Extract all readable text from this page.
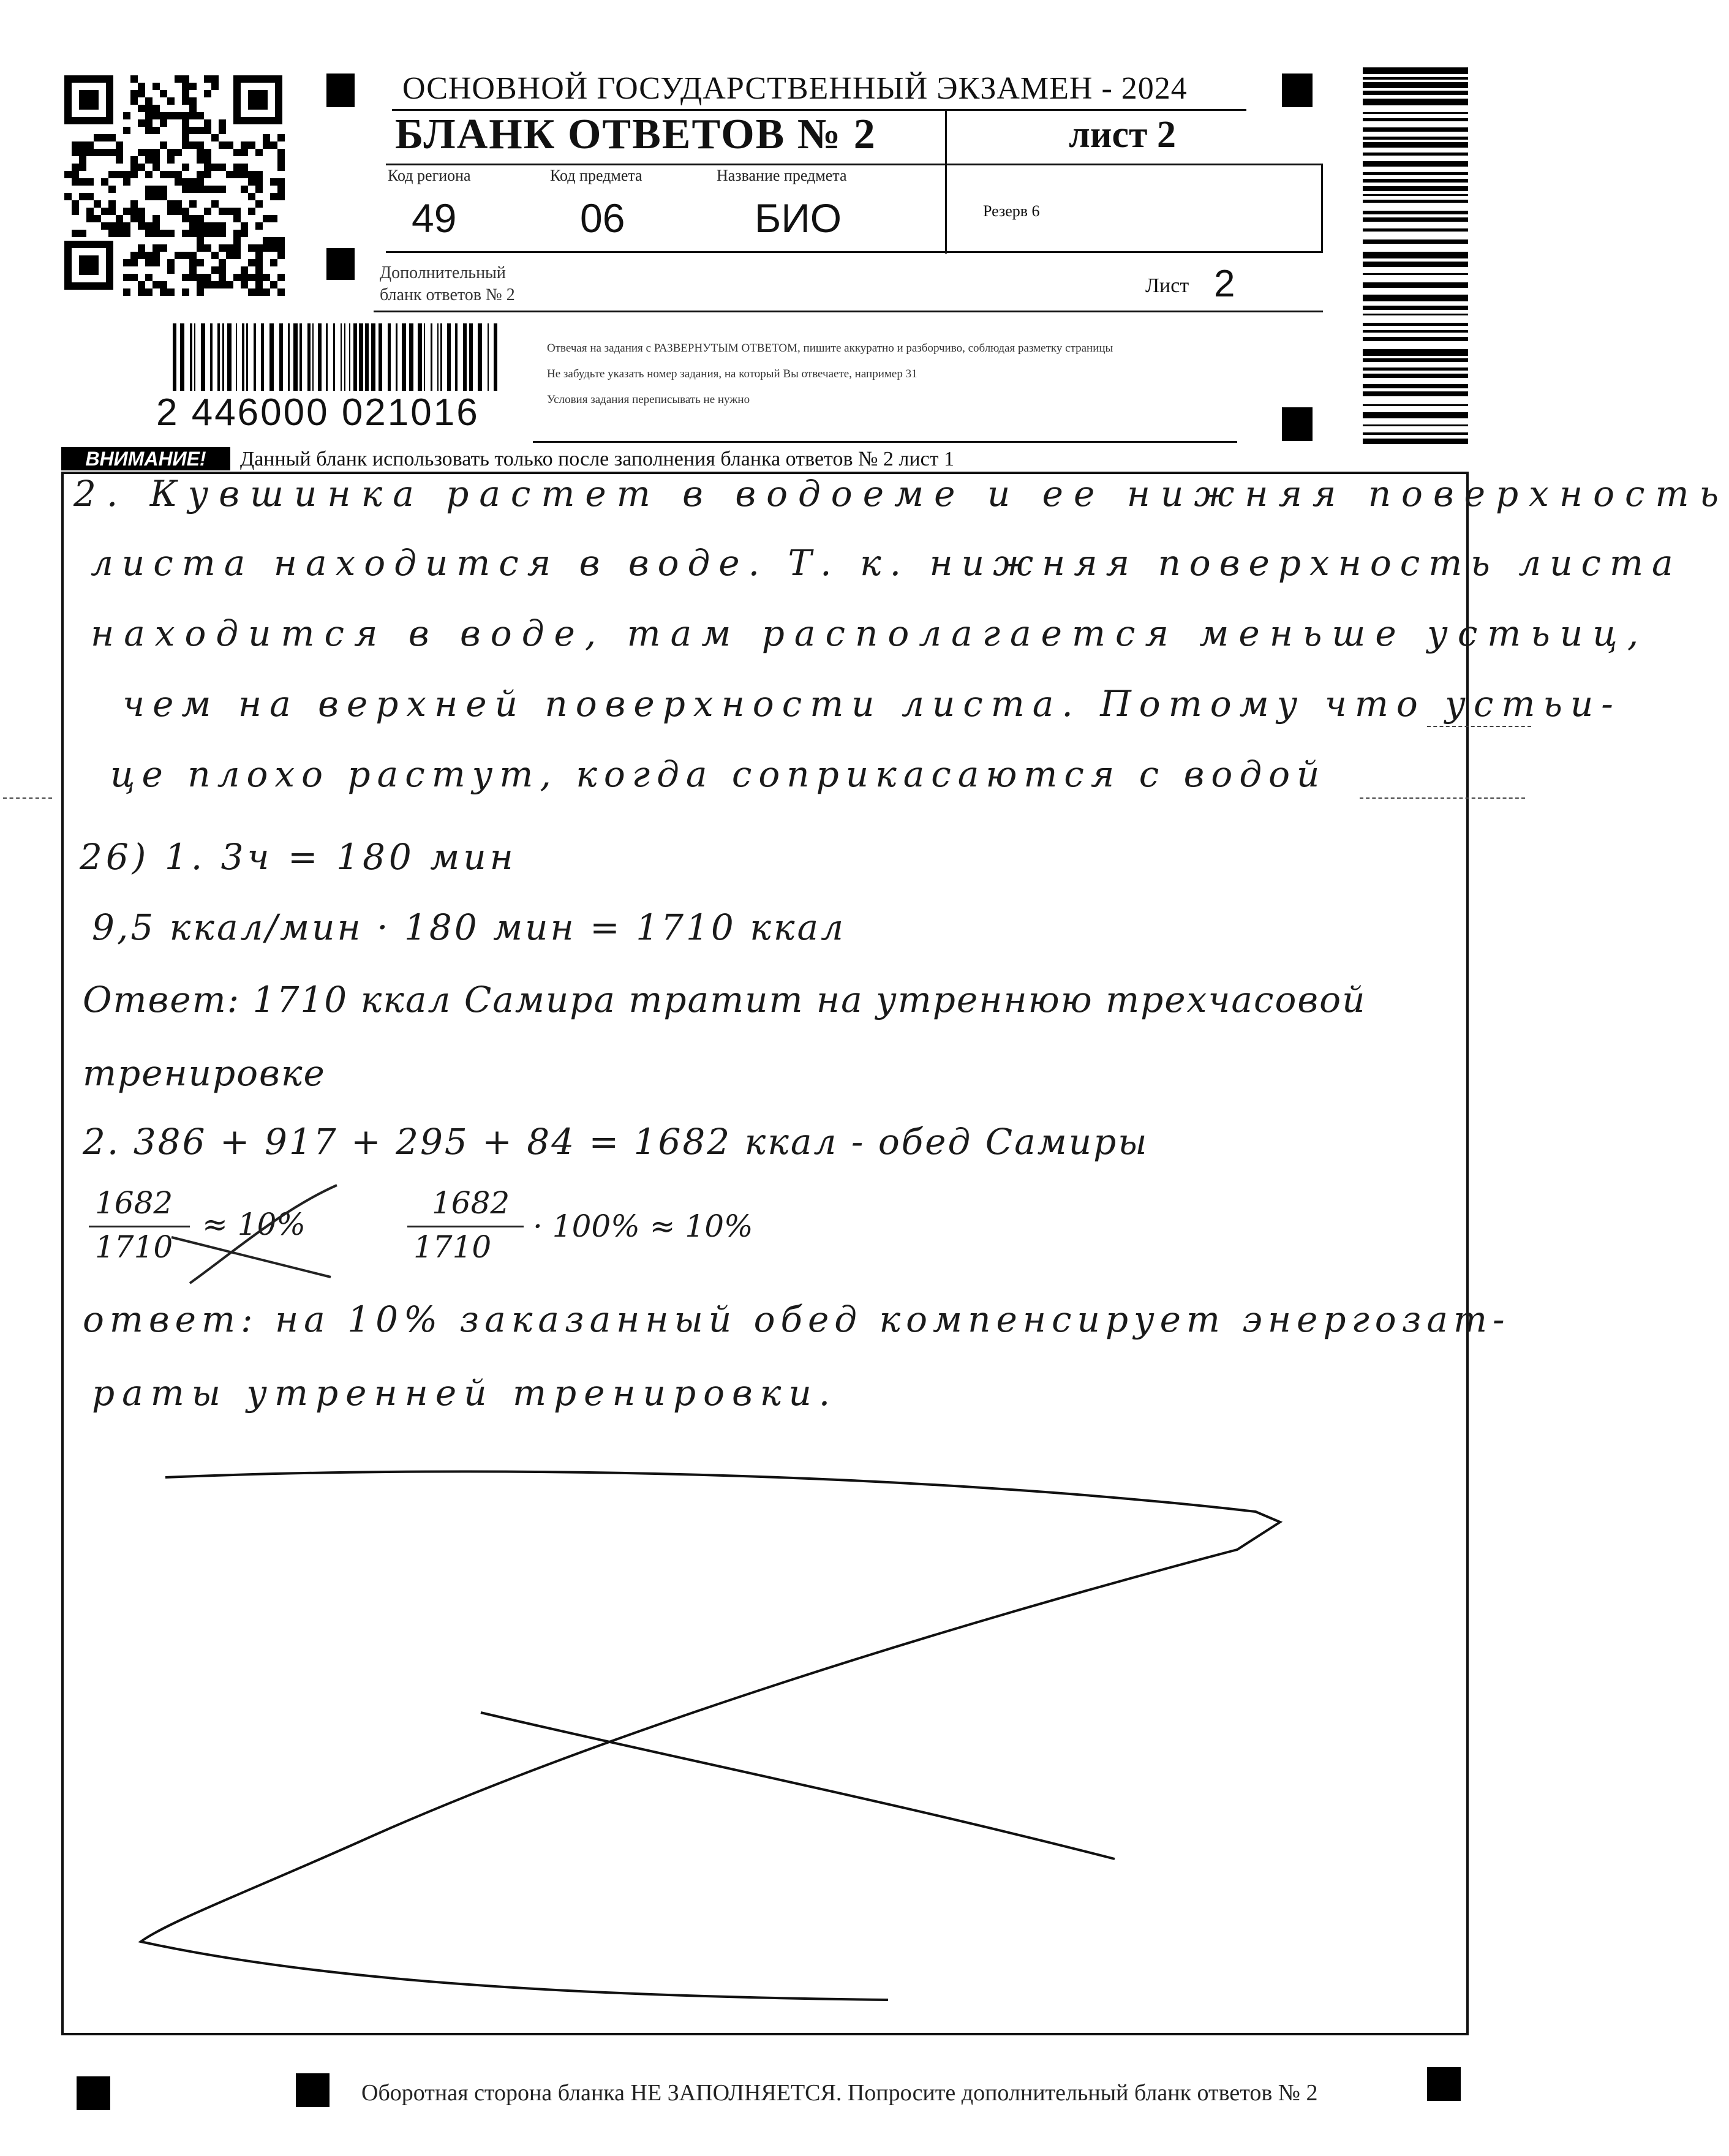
ОСНОВНОЙ ГОСУДАРСТВЕННЫЙ ЭКЗАМЕН - 2024
БЛАНК ОТВЕТОВ № 2	лист 2
Код региона
49
Код предмета
06
Название предмета
БИО	Резерв 6
Дополнительный
бланк ответов № 2	Лист 2
2 446000 021016
Отвечая на задания с РАЗВЕРНУТЫМ ОТВЕТОМ, пишите аккуратно и разборчиво, соблюдая разметку страницы
Не забудьте указать номер задания, на который Вы отвечаете, например 31
Условия задания переписывать не нужно
ВНИМАНИЕ!	Данный бланк использовать только после заполнения бланка ответов № 2 лист 1
2. Кувшинка растет в водоеме и ее нижняя поверхность
листа находится в воде. Т. к. нижняя поверхность листа
находится в воде, там располагается меньше устьиц,
чем на верхней поверхности листа. Потому что устьи-
це плохо растут, когда соприкасаются с водой
26) 1. 3ч = 180 мин
9,5 ккал/мин · 180 мин = 1710 ккал
Ответ: 1710 ккал Самира тратит на утреннюю трехчасовой
тренировке
2. 386 + 917 + 295 + 84 = 1682 ккал - обед Самиры
1682
1710
≈ 10%
1682
1710
· 100% ≈ 10%
ответ: на 10% заказанный обед компенсирует энергозат-
раты утренней тренировки.
Оборотная сторона бланка НЕ ЗАПОЛНЯЕТСЯ. Попросите дополнительный бланк ответов № 2
